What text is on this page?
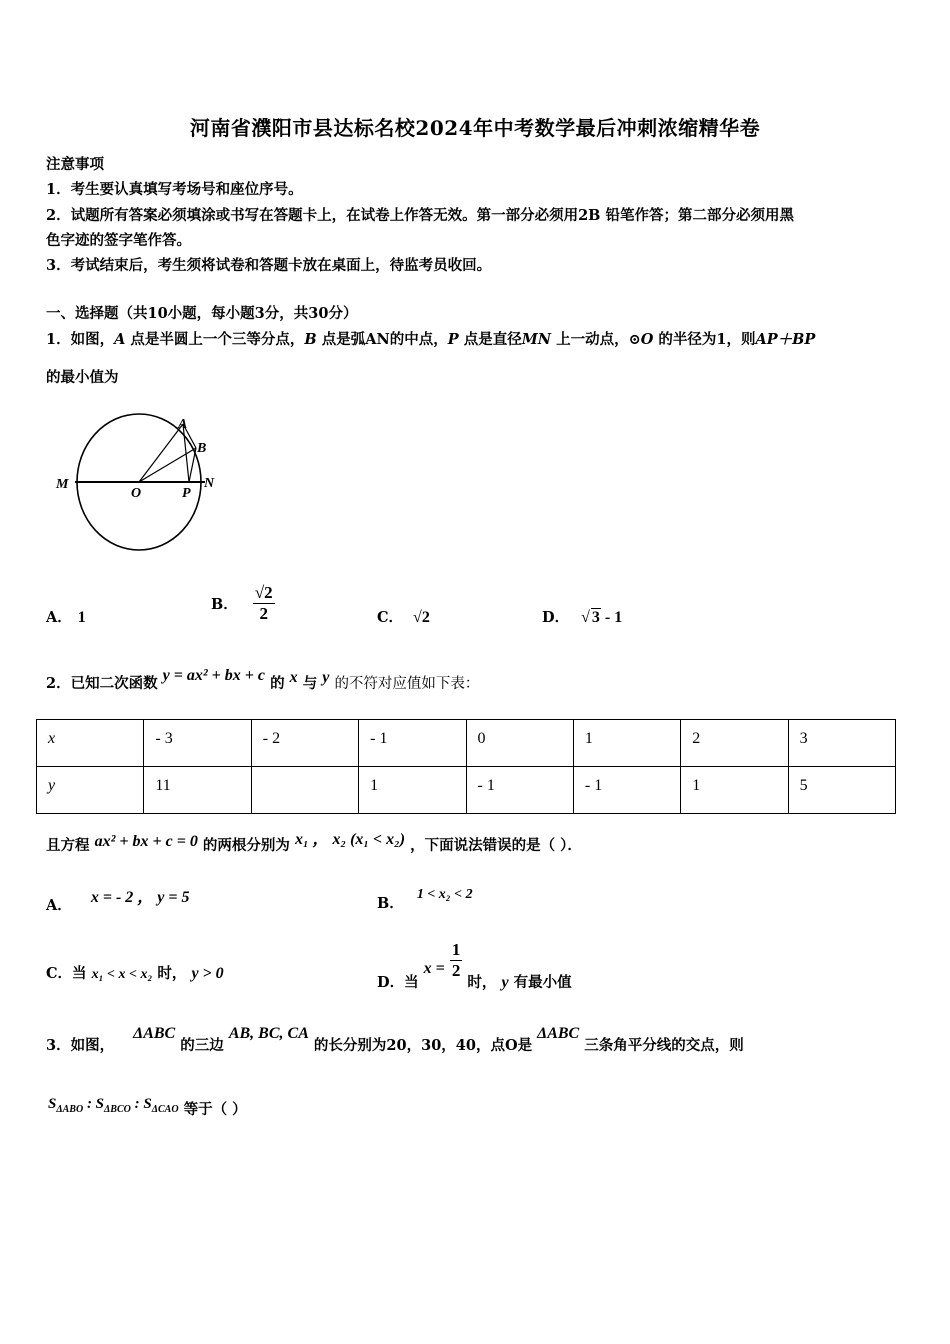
河南省濮阳市县达标名校2024年中考数学最后冲刺浓缩精华卷
注意事项
1．考生要认真填写考场号和座位序号。
2．试题所有答案必须填涂或书写在答题卡上，在试卷上作答无效。第一部分必须用2B 铅笔作答；第二部分必须用黑
色字迹的签字笔作答。
3．考试结束后，考生须将试卷和答题卡放在桌面上，待监考员收回。
一、选择题（共10小题，每小题3分，共30分）
1．如图，A 点是半圆上一个三等分点，B 点是弧AN的中点，P 点是直径MN 上一动点，⊙O 的半径为1，则AP＋BP
的最小值为
A
B
M
O	P
N
A． 1
B． $\frac{√2}{2}$	C． √2	D． √ 3 - 1
2．已知二次函数 y = ax² + bx + c 的 x 与 y 的不符对应值如下表：
x	- 3	- 2	- 1	0	1	2	3
y	11		1	- 1	- 1	1	5
且方程 ax² + bx + c = 0 的两根分别为 x₁ ， x₂ (x₁ < x₂) ，下面说法错误的是（ ）．
A． x = - 2 ， y = 5	B． 1 < x₂ < 2
C．当 x₁ < x < x₂ 时， y > 0	D．当 $x = \frac{1}{2}$
时， y 有最小值
3．如图， ΔABC 的三边 AB, BC, CA 的长分别为20，30，40，点O是 ΔABC 三条角平分线的交点，则
$S_{\Delta ABO}$ : $S_{\Delta BCO}$ : $S_{\Delta CAO}$ 等于（ ）
